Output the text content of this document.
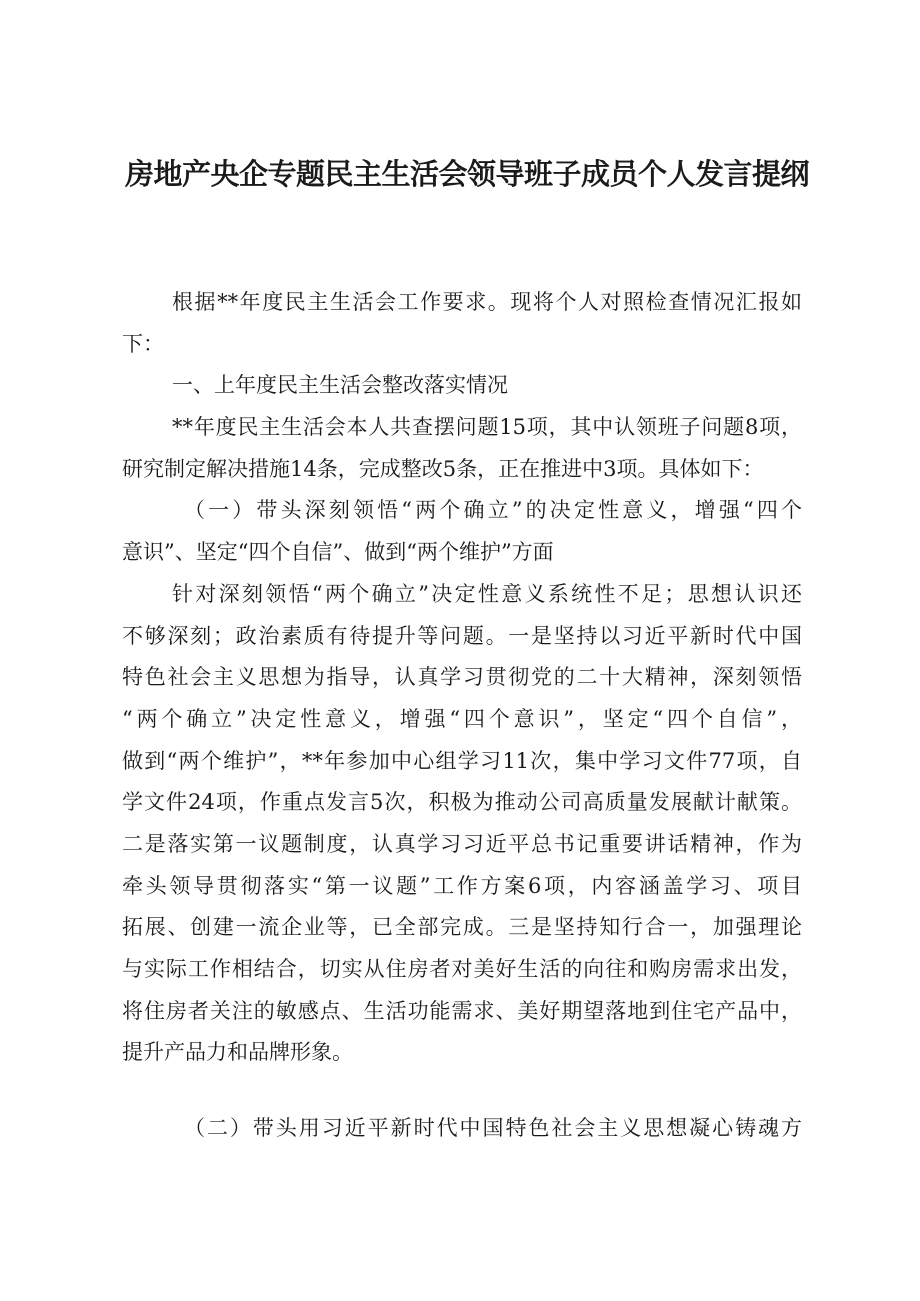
房地产央企专题民主生活会领导班子成员个人发言提纲
根据**年度民主生活会工作要求。现将个人对照检查情况汇报如
下：
一、上年度民主生活会整改落实情况
**年度民主生活会本人共查摆问题15项，其中认领班子问题8项，
研究制定解决措施14条，完成整改5条，正在推进中3项。具体如下：
（一）带头深刻领悟“两个确立”的决定性意义，增强“四个
意识”、坚定“四个自信”、做到“两个维护”方面
针对深刻领悟“两个确立”决定性意义系统性不足；思想认识还
不够深刻；政治素质有待提升等问题。一是坚持以习近平新时代中国
特色社会主义思想为指导，认真学习贯彻党的二十大精神，深刻领悟
“两个确立”决定性意义，增强“四个意识”，坚定“四个自信”，
做到“两个维护”，**年参加中心组学习11次，集中学习文件77项，自
学文件24项，作重点发言5次，积极为推动公司高质量发展献计献策。
二是落实第一议题制度，认真学习习近平总书记重要讲话精神，作为
牵头领导贯彻落实“第一议题”工作方案6项，内容涵盖学习、项目
拓展、创建一流企业等，已全部完成。三是坚持知行合一，加强理论
与实际工作相结合，切实从住房者对美好生活的向往和购房需求出发，
将住房者关注的敏感点、生活功能需求、美好期望落地到住宅产品中，
提升产品力和品牌形象。
（二）带头用习近平新时代中国特色社会主义思想凝心铸魂方
